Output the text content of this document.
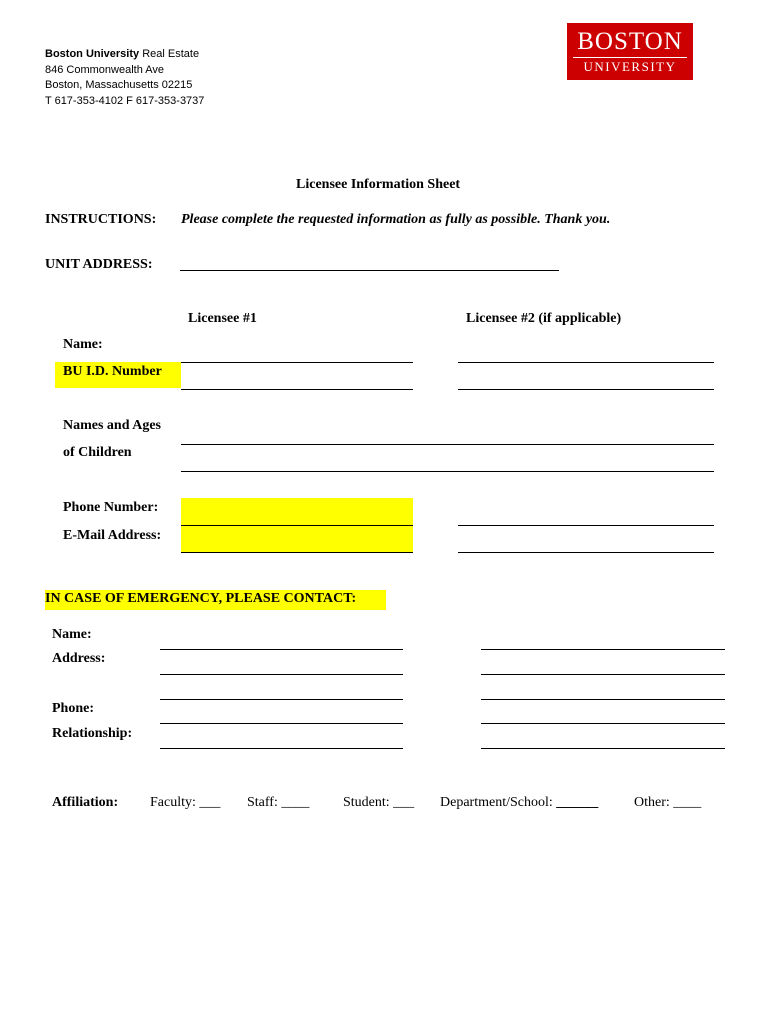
Boston University Real Estate
846 Commonwealth Ave
Boston, Massachusetts 02215
T 617-353-4102 F 617-353-3737
BOSTON
UNIVERSITY
Licensee Information Sheet
INSTRUCTIONS: Please complete the requested information as fully as possible. Thank you.
UNIT ADDRESS:
Licensee #1	Licensee #2 (if applicable)
Name:
BU I.D. Number
Names and Ages
of Children
Phone Number:
E-Mail Address:
IN CASE OF EMERGENCY, PLEASE CONTACT:
Name:
Address:
Phone:
Relationship:
Affiliation: Faculty: ___ Staff: ____ Student: ___ Department/School: ______	Other: ____
